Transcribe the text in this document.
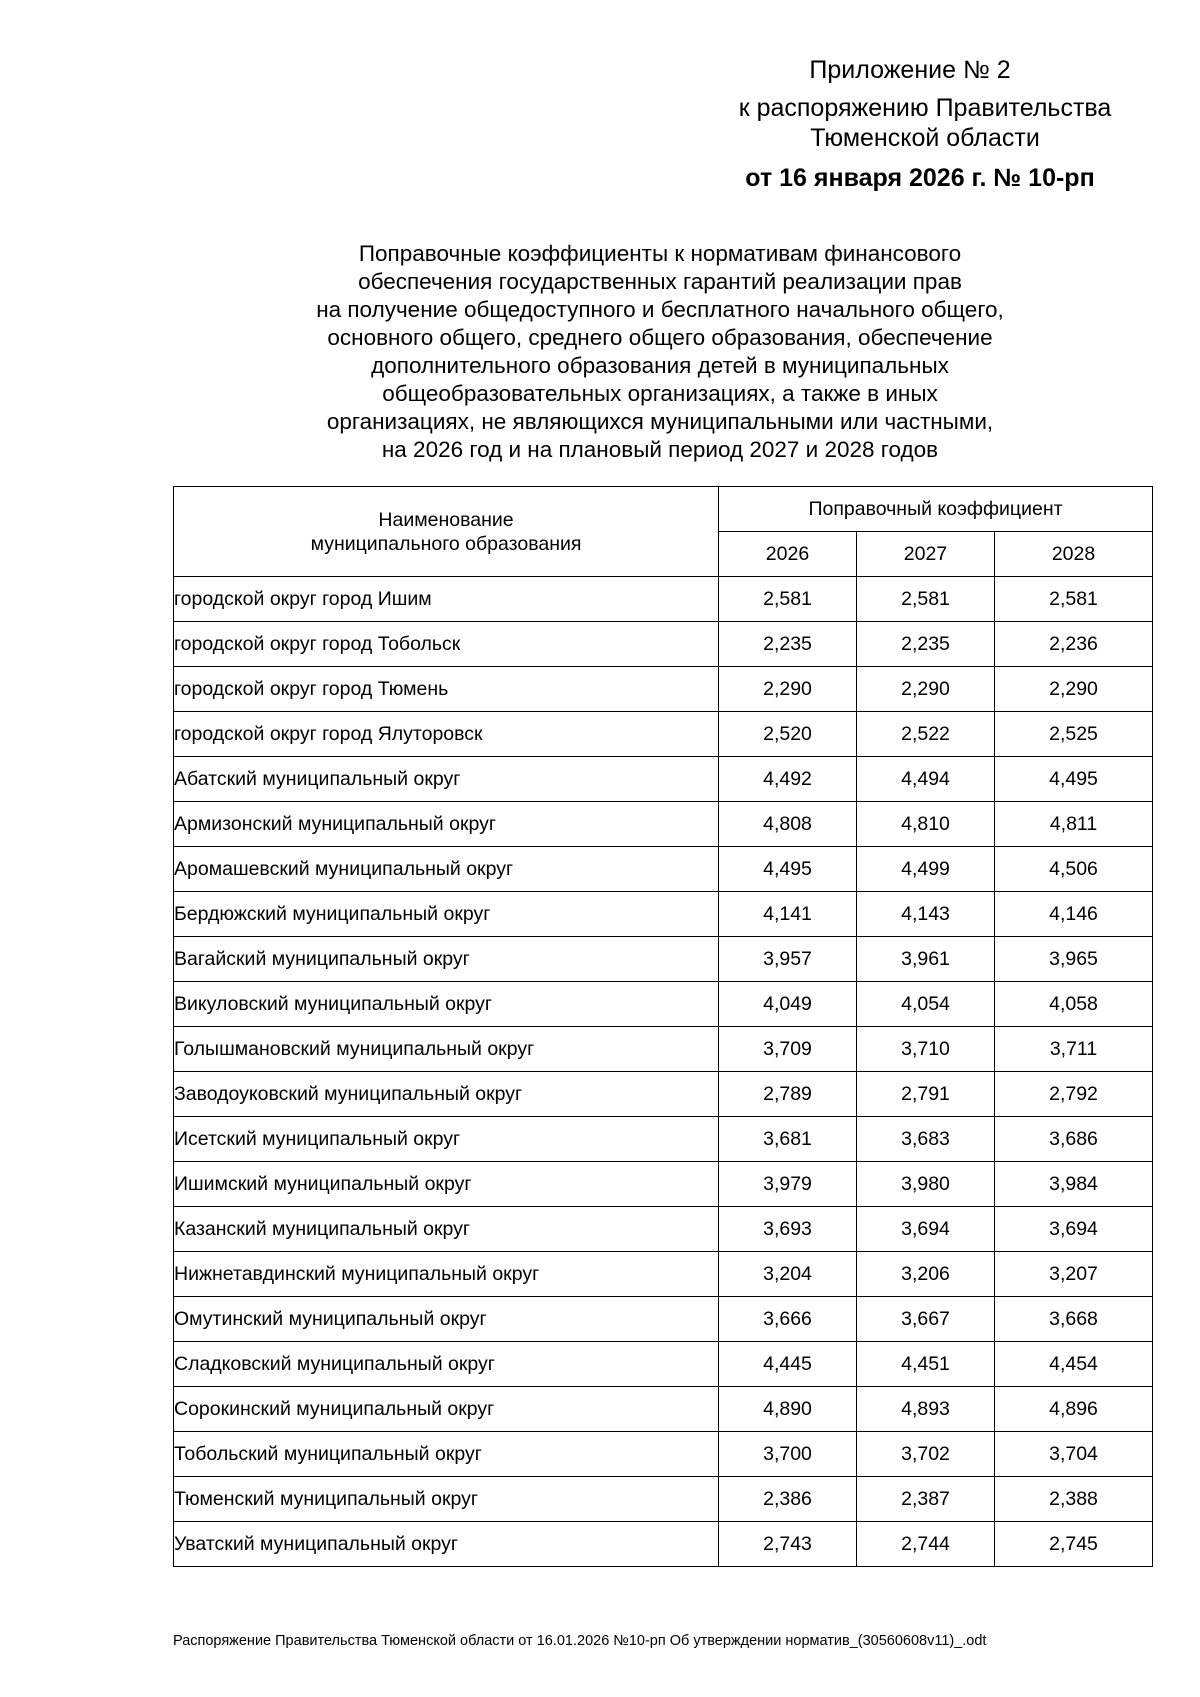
Приложение № 2
к распоряжению Правительства
Тюменской области
от 16 января 2026 г. № 10-рп
Поправочные коэффициенты к нормативам финансового
обеспечения государственных гарантий реализации прав
на получение общедоступного и бесплатного начального общего,
основного общего, среднего общего образования, обеспечение
дополнительного образования детей в муниципальных
общеобразовательных организациях, а также в иных
организациях, не являющихся муниципальными или частными,
на 2026 год и на плановый период 2027 и 2028 годов
Наименование
муниципального образования	Поправочный коэффициент		
	2026	2027	2028
городской округ город Ишим	2,581	2,581	2,581
городской округ город Тобольск	2,235	2,235	2,236
городской округ город Тюмень	2,290	2,290	2,290
городской округ город Ялуторовск	2,520	2,522	2,525
Абатский муниципальный округ	4,492	4,494	4,495
Армизонский муниципальный округ	4,808	4,810	4,811
Аромашевский муниципальный округ	4,495	4,499	4,506
Бердюжский муниципальный округ	4,141	4,143	4,146
Вагайский муниципальный округ	3,957	3,961	3,965
Викуловский муниципальный округ	4,049	4,054	4,058
Голышмановский муниципальный округ	3,709	3,710	3,711
Заводоуковский муниципальный округ	2,789	2,791	2,792
Исетский муниципальный округ	3,681	3,683	3,686
Ишимский муниципальный округ	3,979	3,980	3,984
Казанский муниципальный округ	3,693	3,694	3,694
Нижнетавдинский муниципальный округ	3,204	3,206	3,207
Омутинский муниципальный округ	3,666	3,667	3,668
Сладковский муниципальный округ	4,445	4,451	4,454
Сорокинский муниципальный округ	4,890	4,893	4,896
Тобольский муниципальный округ	3,700	3,702	3,704
Тюменский муниципальный округ	2,386	2,387	2,388
Уватский муниципальный округ	2,743	2,744	2,745
Распоряжение Правительства Тюменской области от 16.01.2026 №10-рп Об утверждении норматив_(30560608v11)_.odt
